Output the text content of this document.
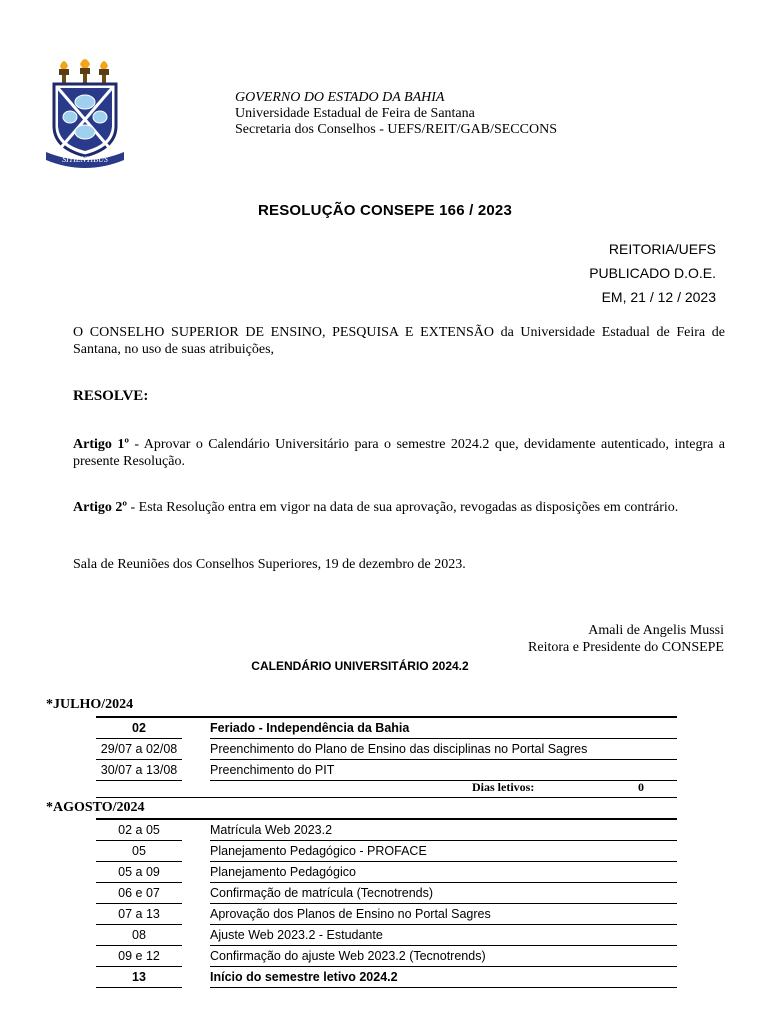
SITIENTIBUS
GOVERNO DO ESTADO DA BAHIA
Universidade Estadual de Feira de Santana
Secretaria dos Conselhos - UEFS/REIT/GAB/SECCONS
RESOLUÇÃO CONSEPE 166 / 2023
REITORIA/UEFS
PUBLICADO D.O.E.
EM, 21 / 12 / 2023
O CONSELHO SUPERIOR DE ENSINO, PESQUISA E EXTENSÃO da Universidade Estadual de Feira de Santana, no uso de suas atribuições,
RESOLVE:
Artigo 1º - Aprovar o Calendário Universitário para o semestre 2024.2 que, devidamente autenticado, integra a presente Resolução.
Artigo 2º - Esta Resolução entra em vigor na data de sua aprovação, revogadas as disposições em contrário.
Sala de Reuniões dos Conselhos Superiores, 19 de dezembro de 2023.
Amali de Angelis Mussi
Reitora e Presidente do CONSEPE
CALENDÁRIO UNIVERSITÁRIO 2024.2
*JULHO/2024
02		Feriado - Independência da Bahia
29/07 a 02/08		Preenchimento do Plano de Ensino das disciplinas no Portal Sagres
30/07 a 13/08		Preenchimento do PIT
Dias letivos:	0
*AGOSTO/2024
02 a 05		Matrícula Web 2023.2
05		Planejamento Pedagógico - PROFACE
05 a 09		Planejamento Pedagógico
06 e 07		Confirmação de matrícula (Tecnotrends)
07 a 13		Aprovação dos Planos de Ensino no Portal Sagres
08		Ajuste Web 2023.2 - Estudante
09 e 12		Confirmação do ajuste Web 2023.2 (Tecnotrends)
13		Início do semestre letivo 2024.2
